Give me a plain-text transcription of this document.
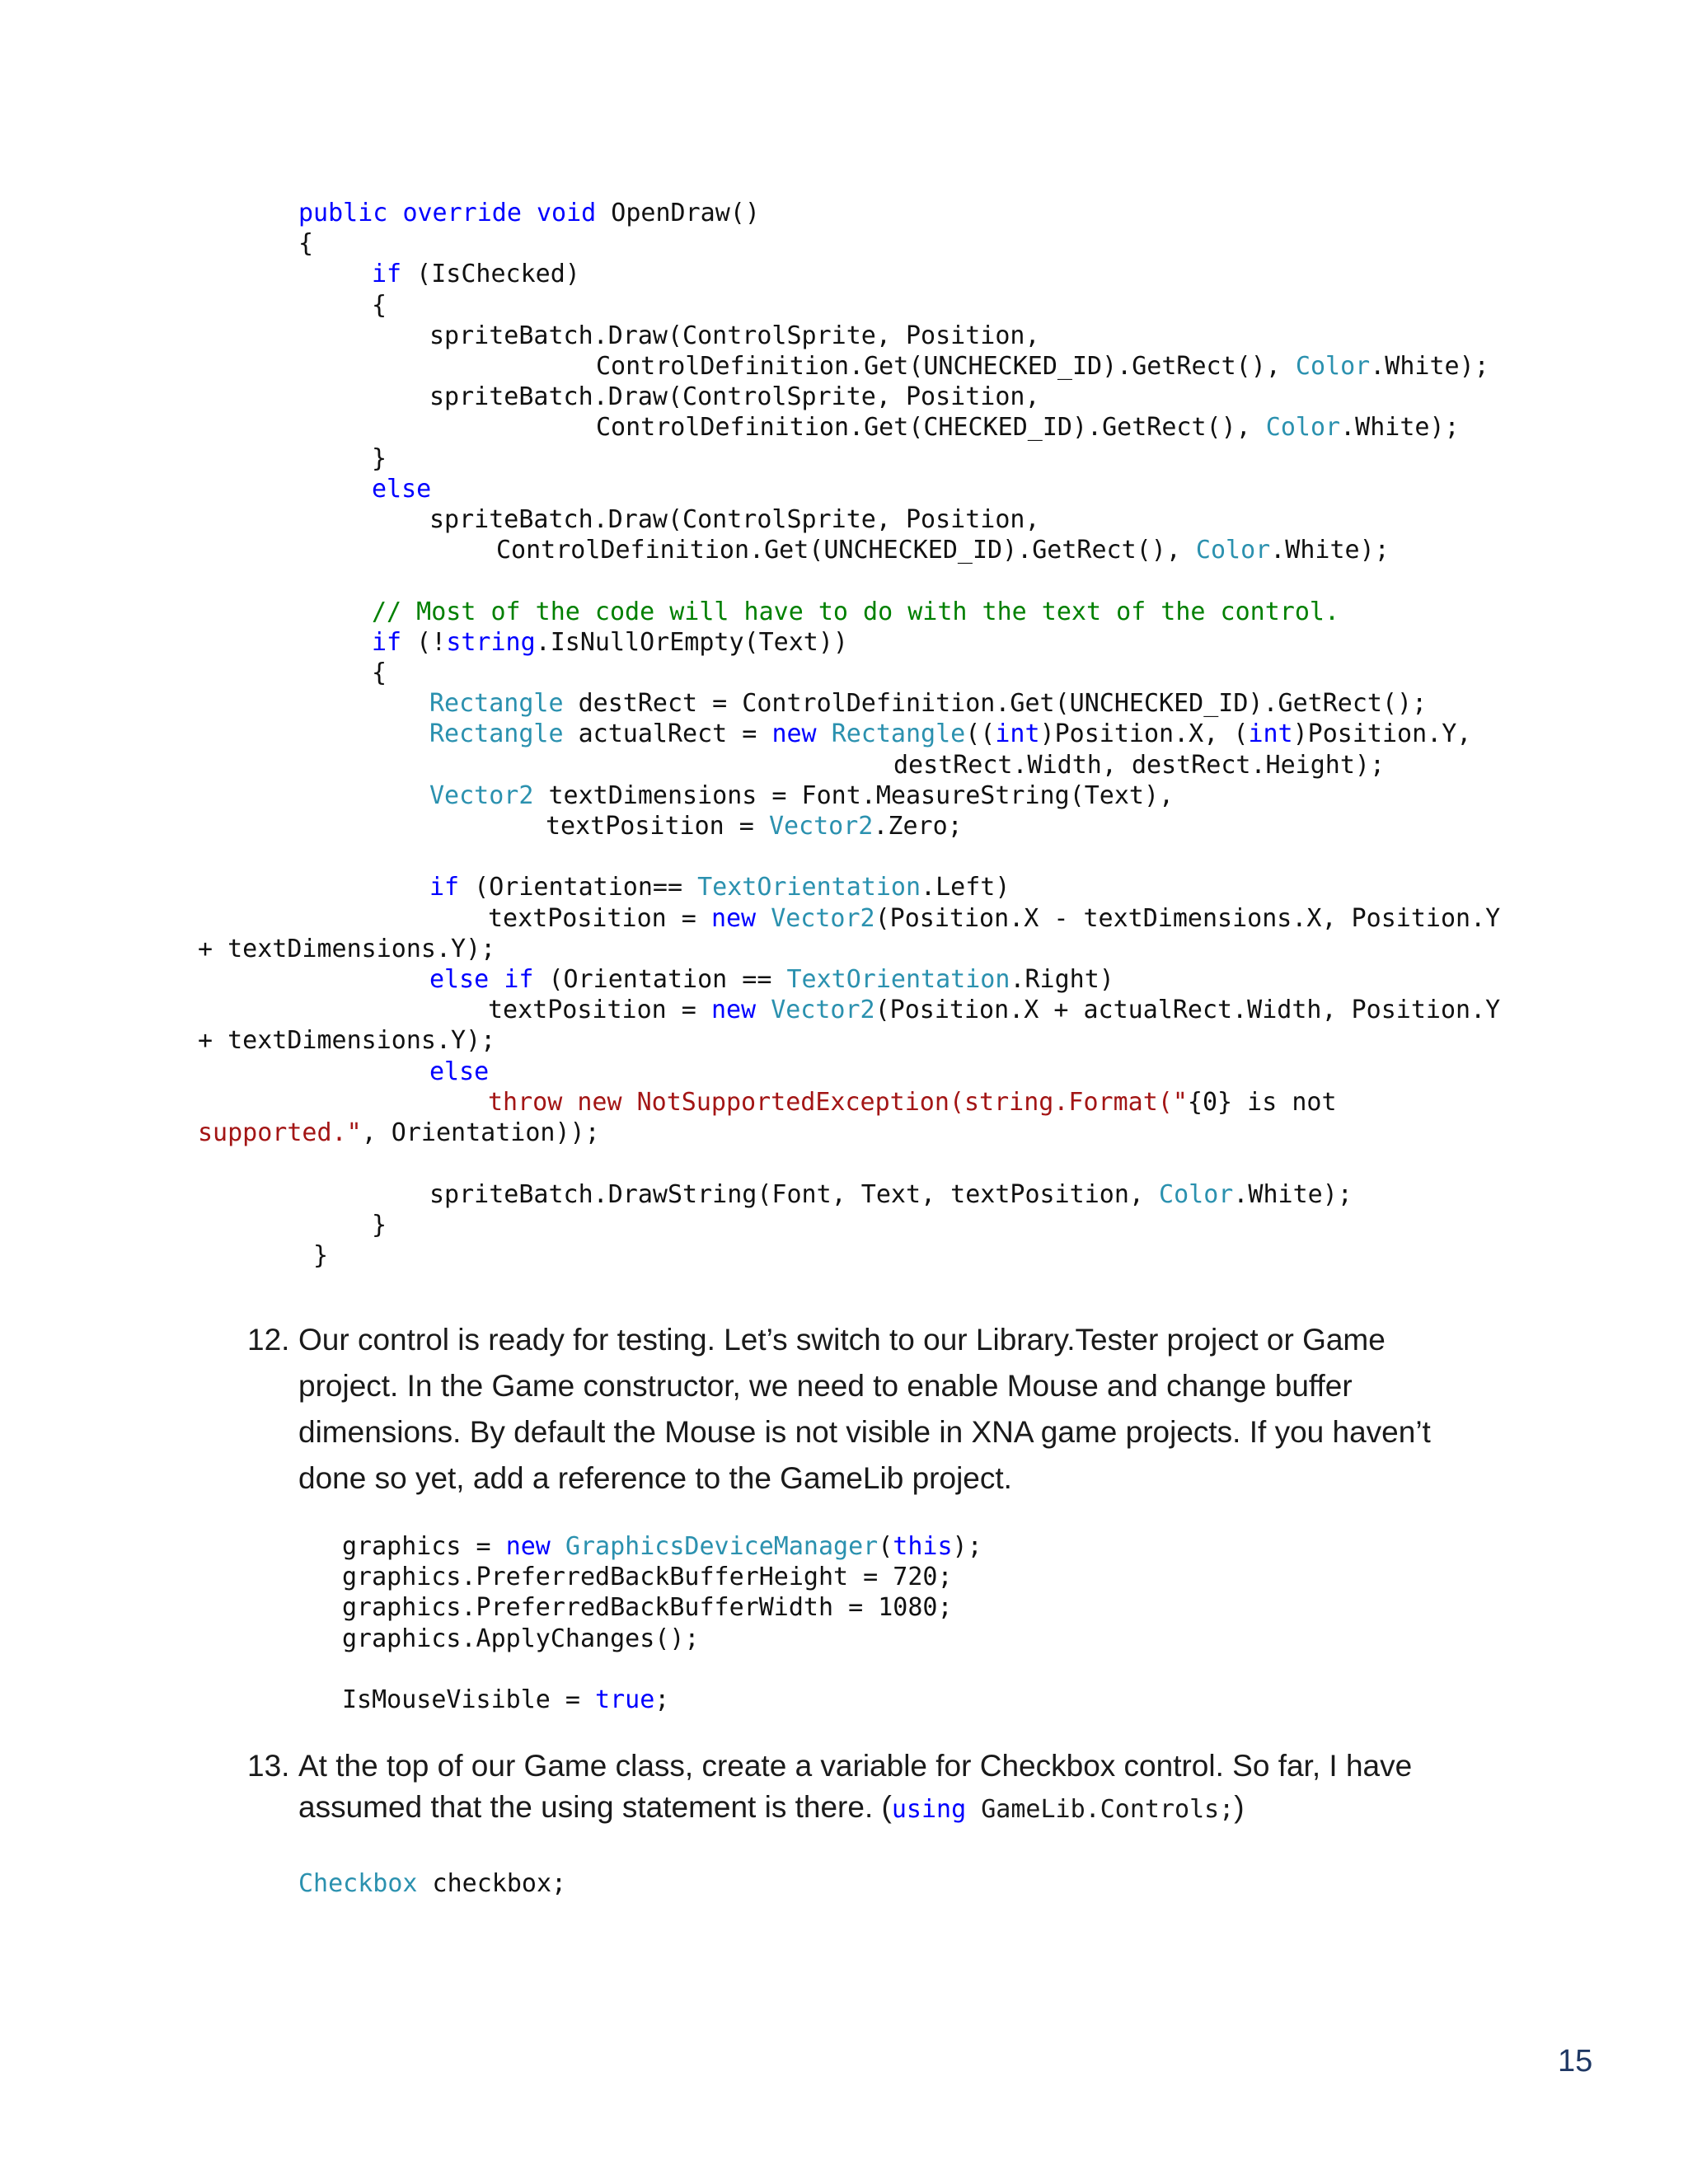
public override void OpenDraw()
{
if (IsChecked)
{
spriteBatch.Draw(ControlSprite, Position,
ControlDefinition.Get(UNCHECKED_ID).GetRect(), Color.White);
spriteBatch.Draw(ControlSprite, Position,
ControlDefinition.Get(CHECKED_ID).GetRect(), Color.White);
}
else
spriteBatch.Draw(ControlSprite, Position,
ControlDefinition.Get(UNCHECKED_ID).GetRect(), Color.White);

// Most of the code will have to do with the text of the control.
if (!string.IsNullOrEmpty(Text))
{
Rectangle destRect = ControlDefinition.Get(UNCHECKED_ID).GetRect();
Rectangle actualRect = new Rectangle((int)Position.X, (int)Position.Y,
destRect.Width, destRect.Height);
Vector2 textDimensions = Font.MeasureString(Text),
textPosition = Vector2.Zero;

if (Orientation== TextOrientation.Left)
textPosition = new Vector2(Position.X - textDimensions.X, Position.Y
+ textDimensions.Y);
else if (Orientation == TextOrientation.Right)
textPosition = new Vector2(Position.X + actualRect.Width, Position.Y
+ textDimensions.Y);
else
throw new NotSupportedException(string.Format("{0} is not
supported.", Orientation));

spriteBatch.DrawString(Font, Text, textPosition, Color.White);
}
}
12. Our control is ready for testing. Let’s switch to our Library.Tester project or Game project. In the Game constructor, we need to enable Mouse and change buffer dimensions. By default the Mouse is not visible in XNA game projects. If you haven’t done so yet, add a reference to the GameLib project.
graphics = new GraphicsDeviceManager(this);
graphics.PreferredBackBufferHeight = 720;
graphics.PreferredBackBufferWidth = 1080;
graphics.ApplyChanges();

IsMouseVisible = true;
13. At the top of our Game class, create a variable for Checkbox control. So far, I have assumed that the using statement is there. (using GameLib.Controls;)
Checkbox checkbox;
15
